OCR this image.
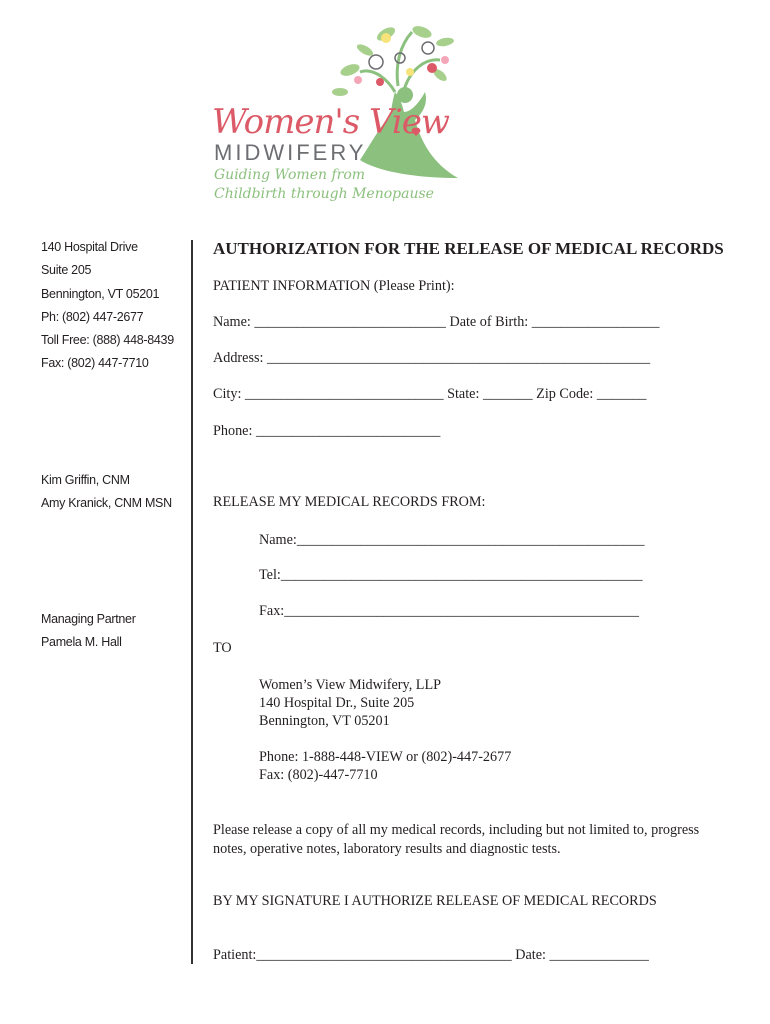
Women's View
MIDWIFERY
Guiding Women from
Childbirth through Menopause
140 Hospital Drive
Suite 205
Bennington, VT 05201
Ph: (802) 447-2677
Toll Free: (888) 448-8439
Fax: (802) 447-7710
Kim Griffin, CNM
Amy Kranick, CNM MSN
Managing Partner
Pamela M. Hall
AUTHORIZATION FOR THE RELEASE OF MEDICAL RECORDS
PATIENT INFORMATION (Please Print):
Name: ___________________________ Date of Birth: __________________
Address: ______________________________________________________
City: ____________________________ State: _______ Zip Code: _______
Phone: __________________________
RELEASE MY MEDICAL RECORDS FROM:
Name:_________________________________________________
Tel:___________________________________________________
Fax:__________________________________________________
TO
Women’s View Midwifery, LLP
140 Hospital Dr., Suite 205
Bennington, VT 05201
Phone: 1-888-448-VIEW or (802)-447-2677
Fax: (802)-447-7710
Please release a copy of all my medical records, including but not limited to, progress
notes, operative notes, laboratory results and diagnostic tests.
BY MY SIGNATURE I AUTHORIZE RELEASE OF MEDICAL RECORDS
Patient:____________________________________ Date: ______________
